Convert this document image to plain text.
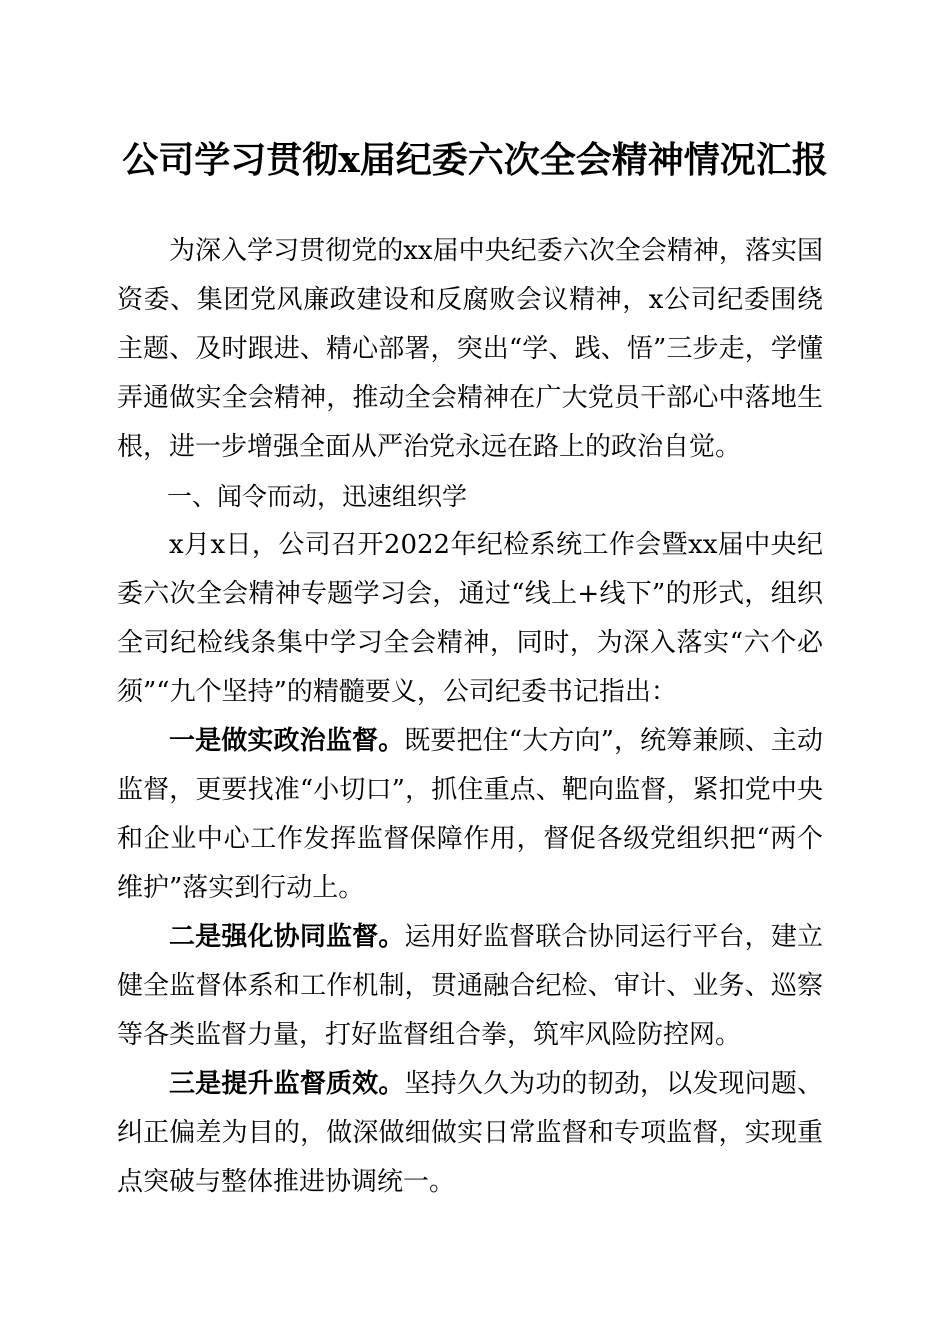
公司学习贯彻x届纪委六次全会精神情况汇报

为深入学习贯彻党的xx届中央纪委六次全会精神，落实国资委、集团党风廉政建设和反腐败会议精神，x公司纪委围绕主题、及时跟进、精心部署，突出“学、践、悟”三步走，学懂弄通做实全会精神，推动全会精神在广大党员干部心中落地生根，进一步增强全面从严治党永远在路上的政治自觉。

一、闻令而动，迅速组织学

x月x日，公司召开2022年纪检系统工作会暨xx届中央纪委六次全会精神专题学习会，通过“线上+线下”的形式，组织全司纪检线条集中学习全会精神，同时，为深入落实“六个必须”“九个坚持”的精髓要义，公司纪委书记指出：

一是做实政治监督。既要把住“大方向”，统筹兼顾、主动监督，更要找准“小切口”，抓住重点、靶向监督，紧扣党中央和企业中心工作发挥监督保障作用，督促各级党组织把“两个维护”落实到行动上。

二是强化协同监督。运用好监督联合协同运行平台，建立健全监督体系和工作机制，贯通融合纪检、审计、业务、巡察等各类监督力量，打好监督组合拳，筑牢风险防控网。

三是提升监督质效。坚持久久为功的韧劲，以发现问题、纠正偏差为目的，做深做细做实日常监督和专项监督，实现重点突破与整体推进协调统一。
